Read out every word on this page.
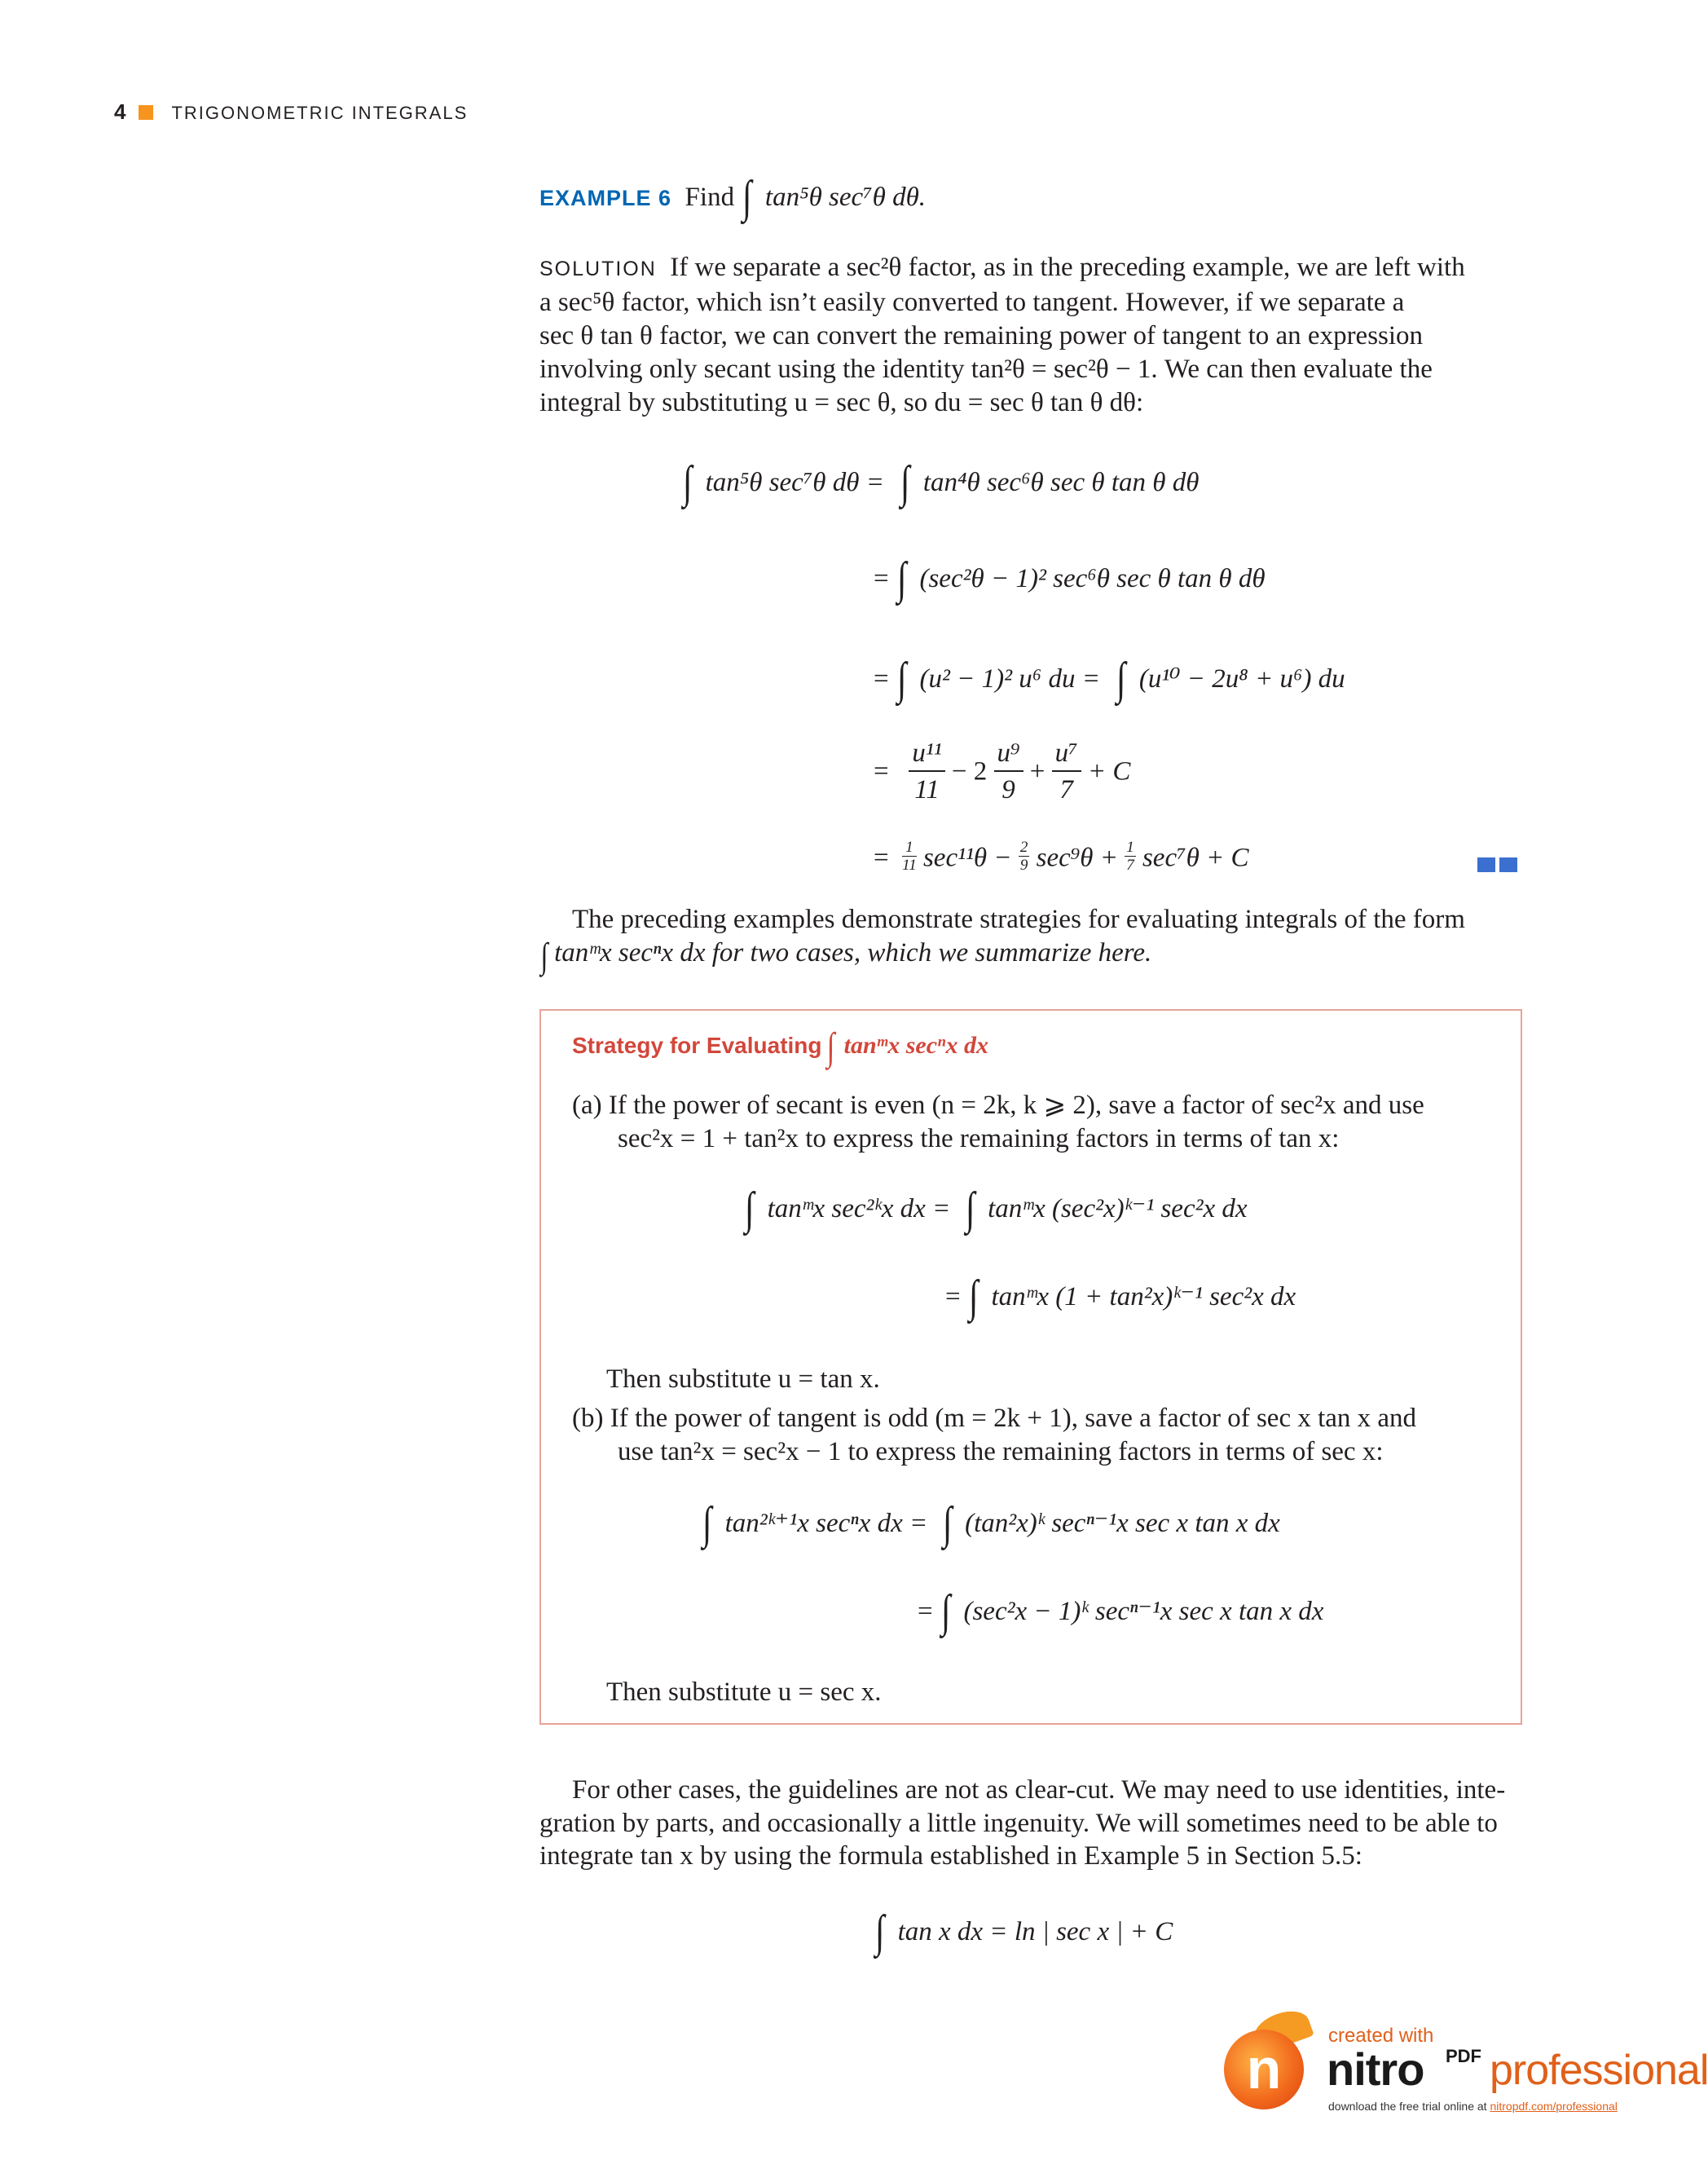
4 TRIGONOMETRIC INTEGRALS
EXAMPLE 6 Find ∫ tan⁵θ sec⁷θ dθ.
SOLUTION If we separate a sec²θ factor, as in the preceding example, we are left with
a sec⁵θ factor, which isn’t easily converted to tangent. However, if we separate a
sec θ tan θ factor, we can convert the remaining power of tangent to an expression
involving only secant using the identity tan²θ = sec²θ − 1. We can then evaluate the
integral by substituting u = sec θ, so du = sec θ tan θ dθ:
∫ tan⁵θ sec⁷θ dθ = ∫ tan⁴θ sec⁶θ sec θ tan θ dθ
= ∫ (sec²θ − 1)² sec⁶θ sec θ tan θ dθ
= ∫ (u² − 1)² u⁶ du = ∫ (u¹⁰ − 2u⁸ + u⁶) du
= $\frac{\text{u¹¹}}{11} - 2 \frac{\text{u⁹}}{9} + \frac{\text{u⁷}}{7} + C$
= $\frac{1}{11} \sec^{11}\theta - \frac{2}{9} \sec^9\theta + \frac{1}{7} \sec^7\theta + C$
The preceding examples demonstrate strategies for evaluating integrals of the form
∫ tanᵐx secⁿx dx for two cases, which we summarize here.
Strategy for Evaluating ∫ tanᵐx secⁿx dx
(a) If the power of secant is even (n = 2k, k ⩾ 2), save a factor of sec²x and use
sec²x = 1 + tan²x to express the remaining factors in terms of tan x:
∫ tanᵐx sec²ᵏx dx = ∫ tanᵐx (sec²x)ᵏ⁻¹ sec²x dx
= ∫ tanᵐx (1 + tan²x)ᵏ⁻¹ sec²x dx
Then substitute u = tan x.
(b) If the power of tangent is odd (m = 2k + 1), save a factor of sec x tan x and
use tan²x = sec²x − 1 to express the remaining factors in terms of sec x:
∫ tan²ᵏ⁺¹x secⁿx dx = ∫ (tan²x)ᵏ secⁿ⁻¹x sec x tan x dx
= ∫ (sec²x − 1)ᵏ secⁿ⁻¹x sec x tan x dx
Then substitute u = sec x.
For other cases, the guidelines are not as clear-cut. We may need to use identities, inte-
gration by parts, and occasionally a little ingenuity. We will sometimes need to be able to
integrate tan x by using the formula established in Example 5 in Section 5.5:
∫ tan x dx = ln | sec x | + C
n
created with
nitro PDF professional
download the free trial online at nitropdf.com/professional
